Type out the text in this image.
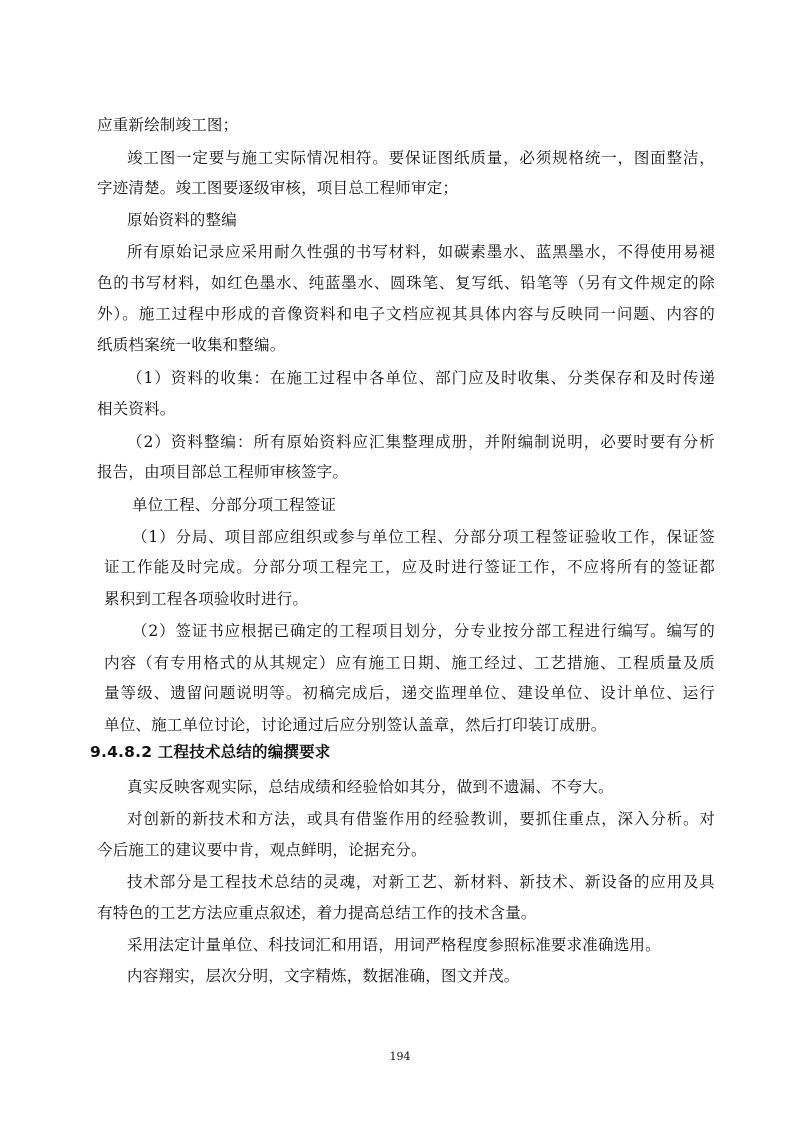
应重新绘制竣工图；
竣工图一定要与施工实际情况相符。要保证图纸质量，必须规格统一，图面整洁，
字迹清楚。竣工图要逐级审核，项目总工程师审定；
原始资料的整编
所有原始记录应采用耐久性强的书写材料，如碳素墨水、蓝黑墨水，不得使用易褪
色的书写材料，如红色墨水、纯蓝墨水、圆珠笔、复写纸、铅笔等（另有文件规定的除
外）。施工过程中形成的音像资料和电子文档应视其具体内容与反映同一问题、内容的
纸质档案统一收集和整编。
（1）资料的收集：在施工过程中各单位、部门应及时收集、分类保存和及时传递
相关资料。
（2）资料整编：所有原始资料应汇集整理成册，并附编制说明，必要时要有分析
报告，由项目部总工程师审核签字。
单位工程、分部分项工程签证
（1）分局、项目部应组织或参与单位工程、分部分项工程签证验收工作，保证签
证工作能及时完成。分部分项工程完工，应及时进行签证工作，不应将所有的签证都
累积到工程各项验收时进行。
（2）签证书应根据已确定的工程项目划分，分专业按分部工程进行编写。编写的
内容（有专用格式的从其规定）应有施工日期、施工经过、工艺措施、工程质量及质
量等级、遗留问题说明等。初稿完成后，递交监理单位、建设单位、设计单位、运行
单位、施工单位讨论，讨论通过后应分别签认盖章，然后打印装订成册。
9.4.8.2 工程技术总结的编撰要求
真实反映客观实际，总结成绩和经验恰如其分，做到不遗漏、不夸大。
对创新的新技术和方法，或具有借鉴作用的经验教训，要抓住重点，深入分析。对
今后施工的建议要中肯，观点鲜明，论据充分。
技术部分是工程技术总结的灵魂，对新工艺、新材料、新技术、新设备的应用及具
有特色的工艺方法应重点叙述，着力提高总结工作的技术含量。
采用法定计量单位、科技词汇和用语，用词严格程度参照标准要求准确选用。
内容翔实，层次分明，文字精炼，数据准确，图文并茂。
194
